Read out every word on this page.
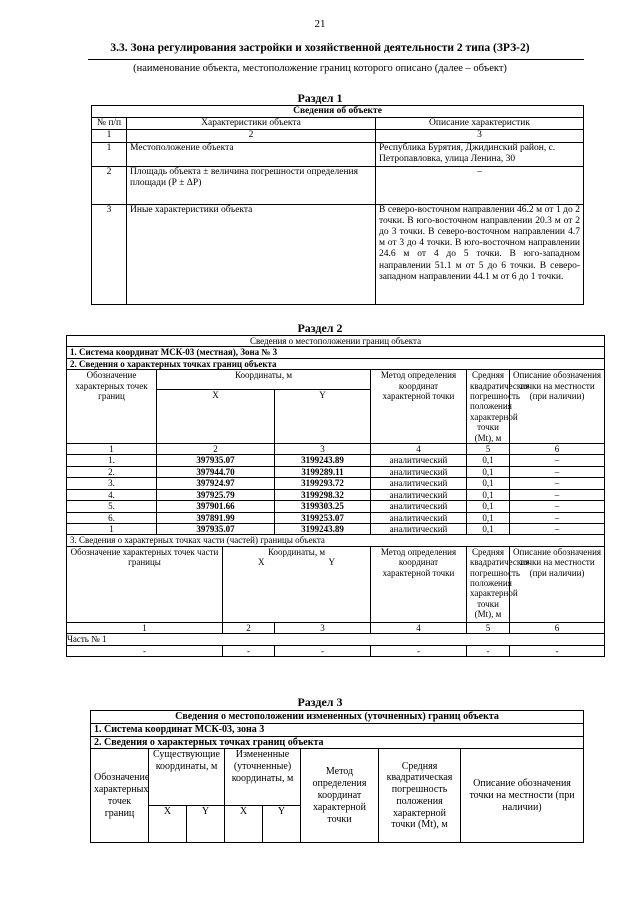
21
3.3. Зона регулирования застройки и хозяйственной деятельности 2 типа (ЗРЗ-2)
(наименование объекта, местоположение границ которого описано (далее – объект)
Раздел 1
Сведения об объекте		
№ п/п	Характеристики объекта	Описание характеристик
1	2	3
1	Местоположение объекта	Республика Бурятия, Джидинский район, с. Петропавловка, улица Ленина, 30
2	Площадь объекта ± величина погрешности определения площади (Р ± ΔР)	–
3	Иные характеристики объекта	В северо-восточном направлении 46.2 м от 1 до 2 точки. В юго-восточном направлении 20.3 м от 2 до 3 точки. В северо-восточном направлении 4.7 м от 3 до 4 точки. В юго-восточном направлении 24.6 м от 4 до 5 точки. В юго-западном направлении 51.1 м от 5 до 6 точки. В северо-западном направлении 44.1 м от 6 до 1 точки.
Раздел 2
Сведения о местоположении границ объекта						
1. Система координат МСК-03 (местная), Зона № 3						
2. Сведения о характерных точках границ объекта						
Обозначение характерных точек границ	Координаты, м			Метод определения координат характерной точки	Средняя квадратическая погрешность положения характерной точки (Mt), м	Описание обозначения точки на местности (при наличии)
	X		Y			
1	2		3	4	5	6
1.	397935.07		3199243.89	аналитический	0,1	–
2.	397944.70		3199289.11	аналитический	0,1	–
3.	397924.97		3199293.72	аналитический	0,1	–
4.	397925.79		3199298.32	аналитический	0,1	–
5.	397901.66		3199303.25	аналитический	0,1	–
6.	397891.99		3199253.07	аналитический	0,1	–
1	397935.07		3199243.89	аналитический	0,1	–
3. Сведения о характерных точках части (частей) границы объекта						
Обозначение характерных точек части границы		Координаты, м
X Y		Метод определения координат характерной точки	Средняя квадратическая погрешность положения характерной точки (Mt), м	Описание обозначения точки на местности (при наличии)
1		2	3	4	5	6
Часть № 1						
-		-	-	-	-	-
Раздел 3
Сведения о местоположении измененных (уточненных) границ объекта							
1. Система координат МСК-03, зона 3							
2. Сведения о характерных точках границ объекта							
Обозначение характерных точек границ	Существующие координаты, м		Измененные (уточненные) координаты, м		Метод определения координат характерной точки	Средняя квадратическая погрешность положения характерной точки (Mt), м	Описание обозначения точки на местности (при наличии)
	X	Y	X	Y			
